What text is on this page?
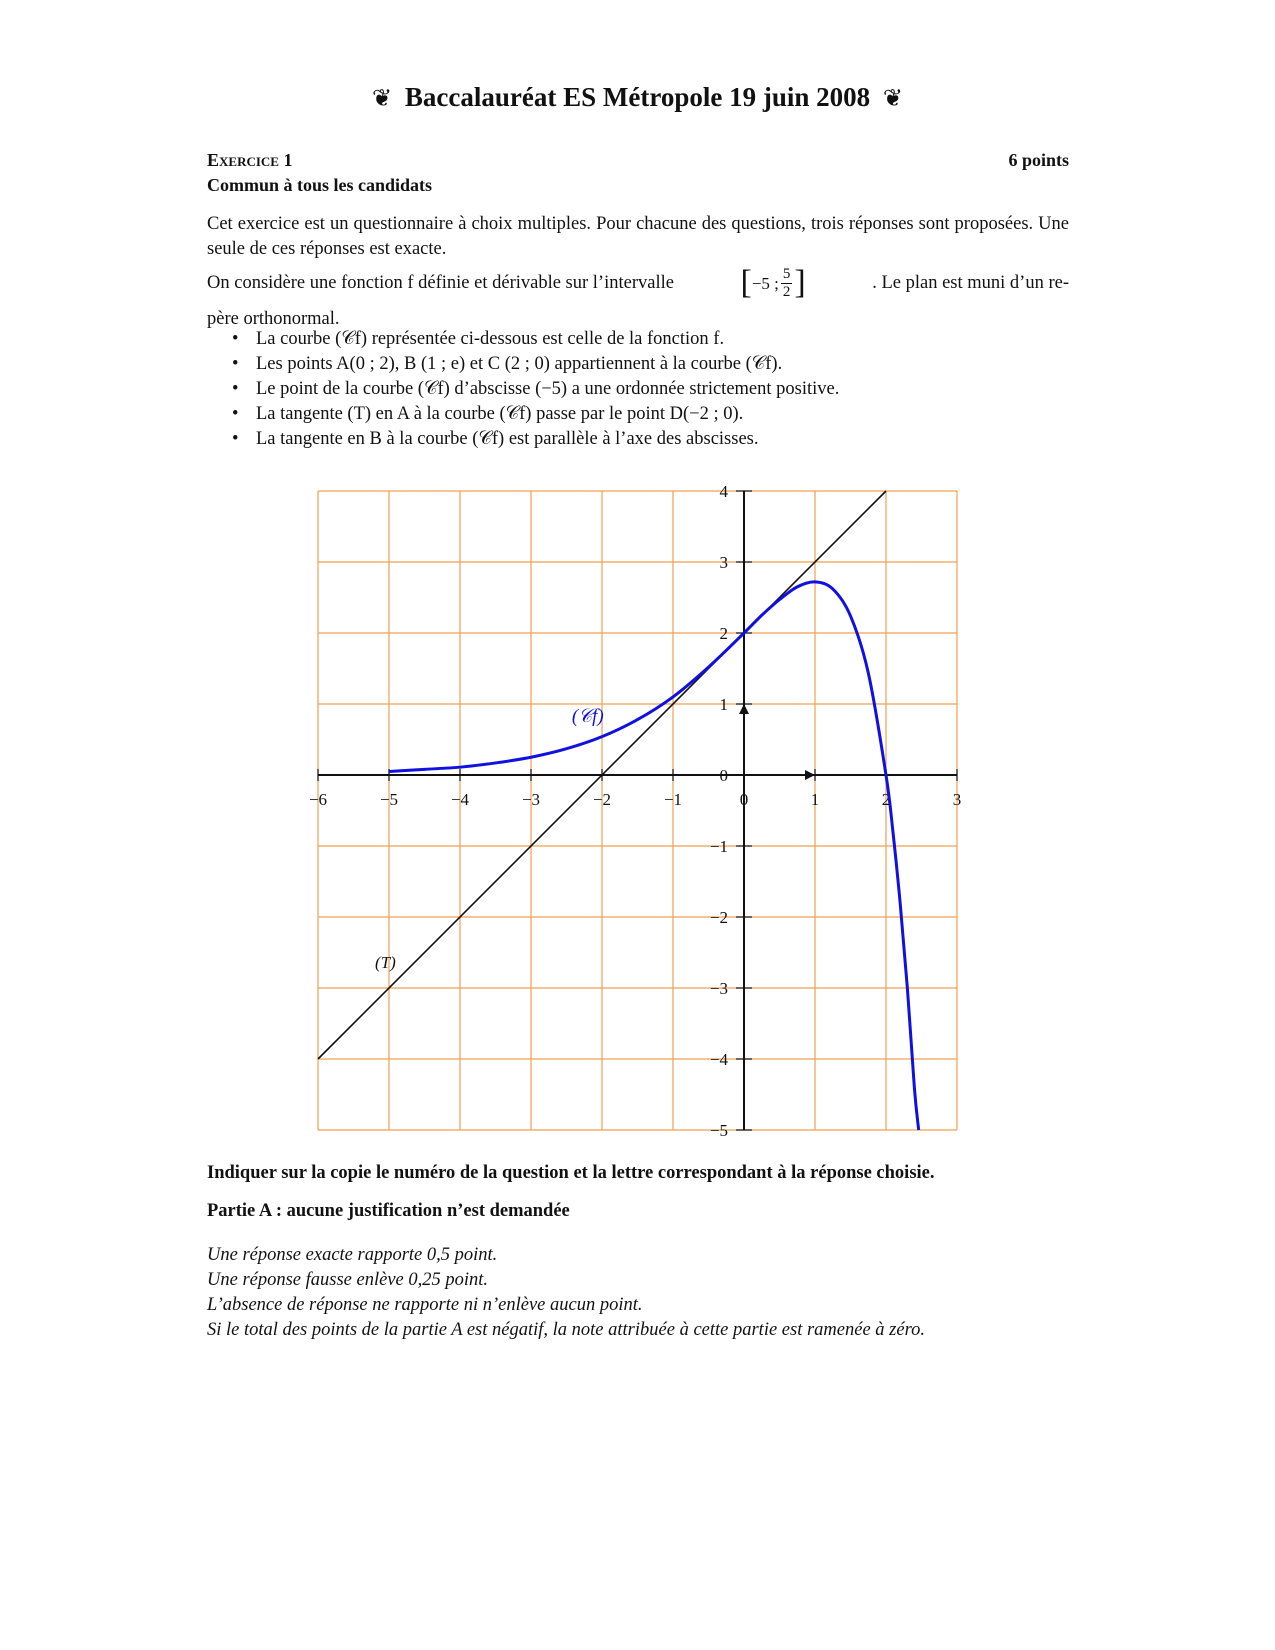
❦ Baccalauréat ES Métropole 19 juin 2008 ❦
Exercice 1	6 points
Commun à tous les candidats
Cet exercice est un questionnaire à choix multiples. Pour chacune des questions, trois réponses sont proposées. Une seule de ces réponses est exacte.
On considère une fonction f définie et dérivable sur l’intervalle [ −5 ; $\frac{5}{2}$ ]	. Le plan est muni d’un re-
père orthonormal.
• La courbe (𝒞f) représentée ci-dessous est celle de la fonction f.
• Les points A(0 ; 2), B (1 ; e) et C (2 ; 0) appartiennent à la courbe (𝒞f).
• Le point de la courbe (𝒞f) d’abscisse (−5) a une ordonnée strictement positive.
• La tangente (T) en A à la courbe (𝒞f) passe par le point D(−2 ; 0).
• La tangente en B à la courbe (𝒞f) est parallèle à l’axe des abscisses.
−6	−5	−4	−3	−2	−1	0	1	2	3
4
3
2
1
0
−1
−2
−3
−4
−5
(𝒞f)
(T)
Indiquer sur la copie le numéro de la question et la lettre correspondant à la réponse choisie.
Partie A : aucune justification n’est demandée
Une réponse exacte rapporte 0,5 point.
Une réponse fausse enlève 0,25 point.
L’absence de réponse ne rapporte ni n’enlève aucun point.
Si le total des points de la partie A est négatif, la note attribuée à cette partie est ramenée à zéro.
